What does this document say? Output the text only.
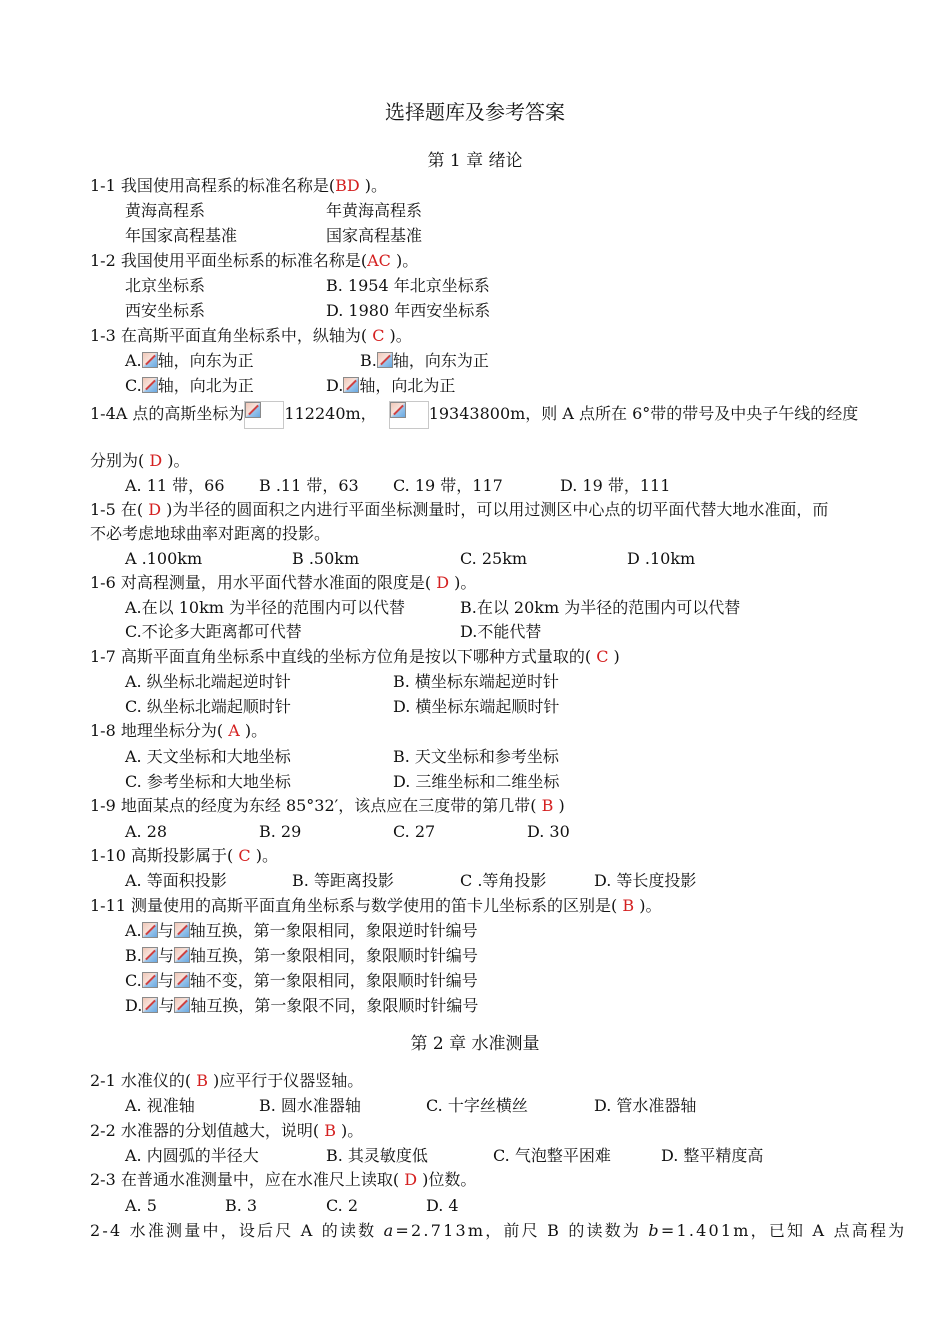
选择题库及参考答案
第 1 章 绪论
1-1 我国使用高程系的标准名称是(BD )。
黄海高程系	年黄海高程系
年国家高程基准	国家高程基准
1-2 我国使用平面坐标系的标准名称是(AC )。
北京坐标系	B. 1954 年北京坐标系
西安坐标系	D. 1980 年西安坐标系
1-3 在高斯平面直角坐标系中，纵轴为( C )。
A. 轴，向东为正	B. 轴，向东为正
C. 轴，向北为正	D. 轴，向北为正
1-4A 点的高斯坐标为	112240m，	19343800m，则 A 点所在 6°带的带号及中央子午线的经度
分别为( D )。
A. 11 带，66 B .11 带，63 C. 19 带，117	D. 19 带，111
1-5 在( D )为半径的圆面积之内进行平面坐标测量时，可以用过测区中心点的切平面代替大地水准面，而
不必考虑地球曲率对距离的投影。
A .100km	B .50km	C. 25km	D .10km
1-6 对高程测量，用水平面代替水准面的限度是( D )。
A.在以 10km 为半径的范围内可以代替	B.在以 20km 为半径的范围内可以代替
C.不论多大距离都可代替	D.不能代替
1-7 高斯平面直角坐标系中直线的坐标方位角是按以下哪种方式量取的( C )
A. 纵坐标北端起逆时针	B. 横坐标东端起逆时针
C. 纵坐标北端起顺时针	D. 横坐标东端起顺时针
1-8 地理坐标分为( A )。
A. 天文坐标和大地坐标	B. 天文坐标和参考坐标
C. 参考坐标和大地坐标	D. 三维坐标和二维坐标
1-9 地面某点的经度为东经 85°32′，该点应在三度带的第几带( B )
A. 28	B. 29	C. 27	D. 30
1-10 高斯投影属于( C )。
A. 等面积投影	B. 等距离投影	C .等角投影	D. 等长度投影
1-11 测量使用的高斯平面直角坐标系与数学使用的笛卡儿坐标系的区别是( B )。
A. 与 轴互换，第一象限相同，象限逆时针编号
B. 与 轴互换，第一象限相同，象限顺时针编号
C. 与 轴不变，第一象限相同，象限顺时针编号
D. 与 轴互换，第一象限不同，象限顺时针编号
第 2 章 水准测量
2-1 水准仪的( B )应平行于仪器竖轴。
A. 视准轴	B. 圆水准器轴	C. 十字丝横丝	D. 管水准器轴
2-2 水准器的分划值越大，说明( B )。
A. 内圆弧的半径大	B. 其灵敏度低	C. 气泡整平困难	D. 整平精度高
2-3 在普通水准测量中，应在水准尺上读取( D )位数。
A. 5	B. 3	C. 2	D. 4
2-4 水准测量中，设后尺 A 的读数 a=2.713m，前尺 B 的读数为 b=1.401m，已知 A 点高程为
